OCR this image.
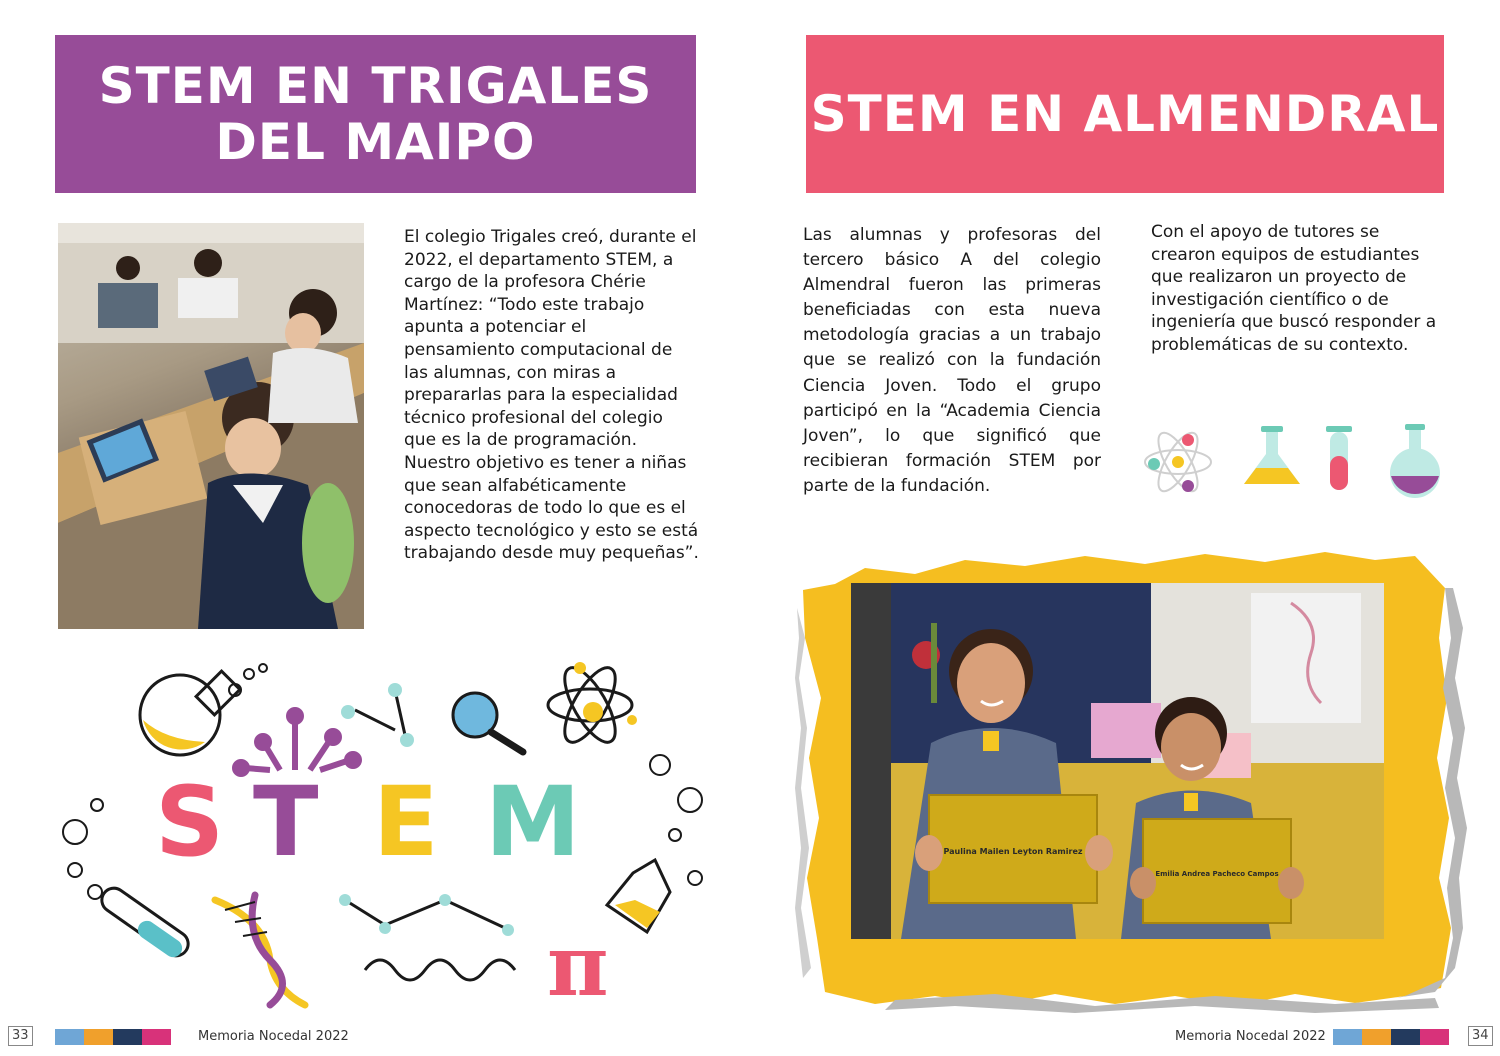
STEM EN TRIGALES
DEL MAIPO
El colegio Trigales creó, durante el 2022, el departamento STEM, a cargo de la profesora Chérie Martínez: “Todo este trabajo apunta a potenciar el pensamiento computacional de las alumnas, con miras a prepararlas para la especialidad técnico profesional del colegio que es la de programación. Nuestro objetivo es tener a niñas que sean alfabéticamente conocedoras de todo lo que es el aspecto tecnológico y esto se está trabajando desde muy pequeñas”.
S T E M
π
STEM EN ALMENDRAL
Las alumnas y profesoras del tercero básico A del colegio Almendral fueron las primeras beneficiadas con esta nueva metodología gracias a un trabajo que se realizó con la fundación Ciencia Joven. Todo el grupo participó en la “Academia Ciencia Joven”, lo que significó que recibieran formación STEM por parte de la fundación.
Con el apoyo de tutores se crearon equipos de estudiantes que realizaron un proyecto de investigación científico o de ingeniería que buscó responder a problemáticas de su contexto.
Paulina Mailen Leyton Ramirez
Emilia Andrea Pacheco Campos
33	Memoria Nocedal 2022	Memoria Nocedal 2022	34
